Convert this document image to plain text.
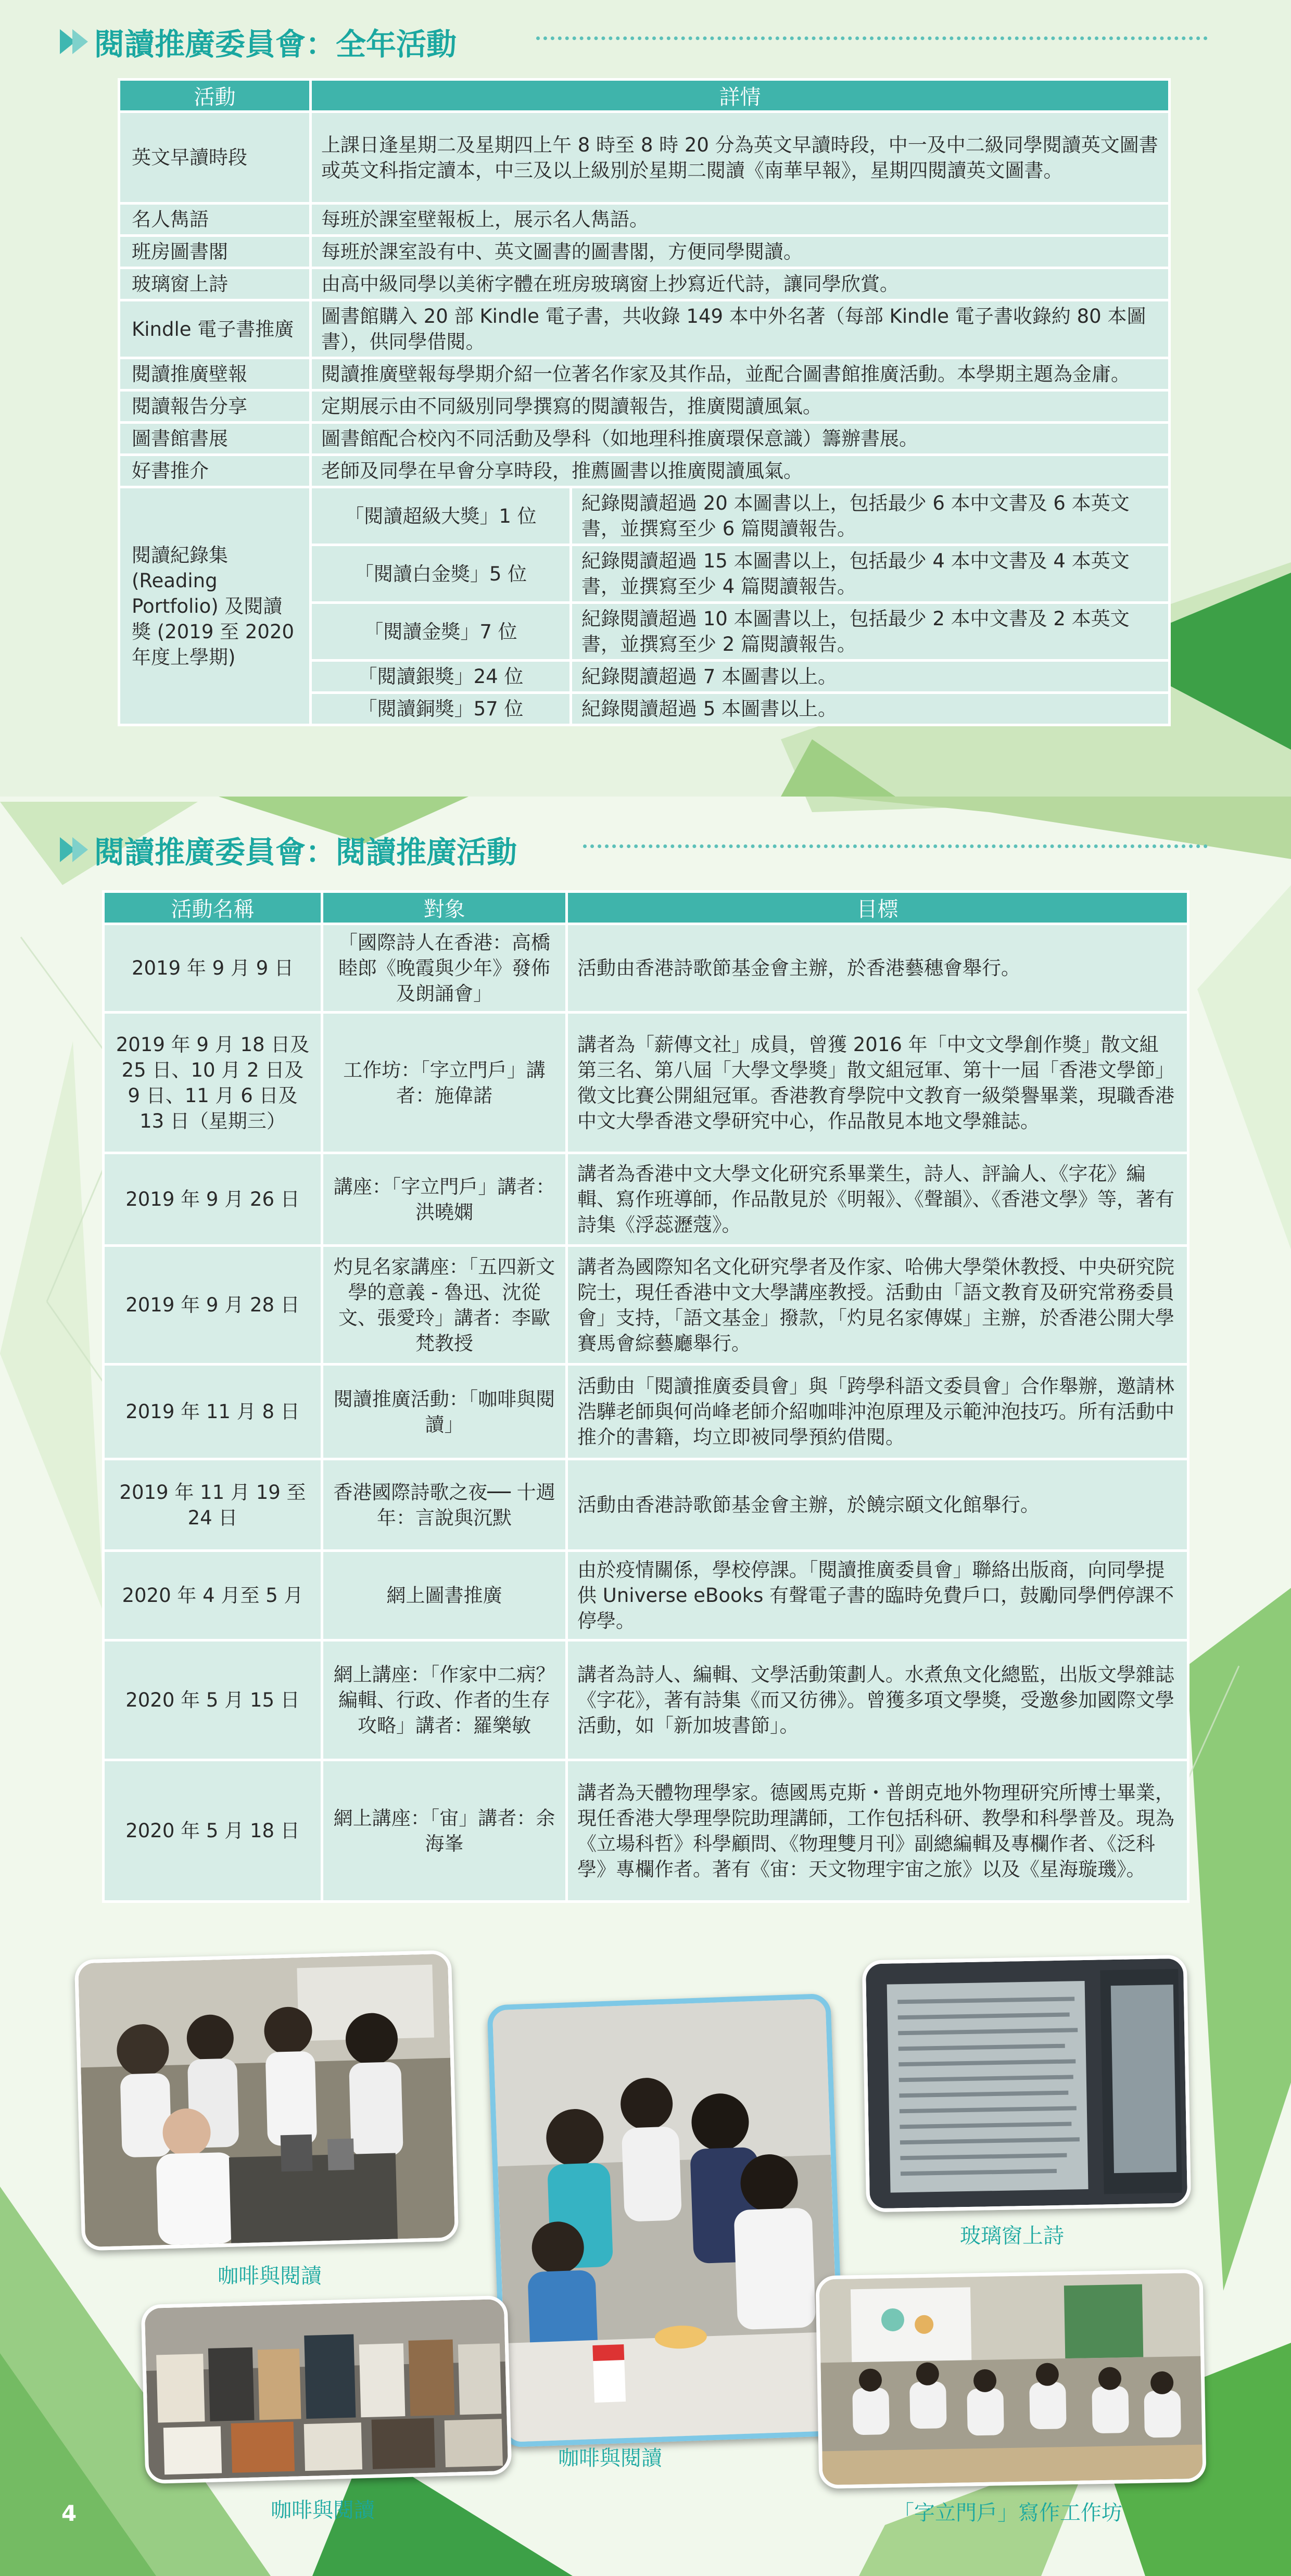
閱讀推廣委員會：全年活動
活動	詳情	
英文早讀時段	上課日逢星期二及星期四上午 8 時至 8 時 20 分為英文早讀時段，中一及中二級同學閱讀英文圖書或英文科指定讀本，中三及以上級別於星期二閱讀《南華早報》，星期四閱讀英文圖書。	
名人雋語	每班於課室壁報板上，展示名人雋語。	
班房圖書閣	每班於課室設有中、英文圖書的圖書閣，方便同學閱讀。	
玻璃窗上詩	由高中級同學以美術字體在班房玻璃窗上抄寫近代詩，讓同學欣賞。	
Kindle 電子書推廣	圖書館購入 20 部 Kindle 電子書，共收錄 149 本中外名著（每部 Kindle 電子書收錄約 80 本圖書），供同學借閱。	
閱讀推廣壁報	閱讀推廣壁報每學期介紹一位著名作家及其作品，並配合圖書館推廣活動。本學期主題為金庸。	
閱讀報告分享	定期展示由不同級別同學撰寫的閱讀報告，推廣閱讀風氣。	
圖書館書展	圖書館配合校內不同活動及學科（如地理科推廣環保意識）籌辦書展。	
好書推介	老師及同學在早會分享時段，推薦圖書以推廣閱讀風氣。	
閱讀紀錄集 (Reading Portfolio) 及閱讀獎 (2019 至 2020 年度上學期)	「閱讀超級大獎」1 位	紀錄閱讀超過 20 本圖書以上，包括最少 6 本中文書及 6 本英文書，並撰寫至少 6 篇閱讀報告。
	「閱讀白金獎」5 位	紀錄閱讀超過 15 本圖書以上，包括最少 4 本中文書及 4 本英文書，並撰寫至少 4 篇閱讀報告。
	「閱讀金獎」7 位	紀錄閱讀超過 10 本圖書以上，包括最少 2 本中文書及 2 本英文書，並撰寫至少 2 篇閱讀報告。
	「閱讀銀獎」24 位	紀錄閱讀超過 7 本圖書以上。
	「閱讀銅獎」57 位	紀錄閱讀超過 5 本圖書以上。
閱讀推廣委員會：閱讀推廣活動
活動名稱	對象	目標
2019 年 9 月 9 日	「國際詩人在香港：高橋睦郎《晚霞與少年》發佈及朗誦會」	活動由香港詩歌節基金會主辦，於香港藝穗會舉行。
2019 年 9 月 18 日及 25 日、10 月 2 日及 9 日、11 月 6 日及 13 日（星期三）	工作坊：「字立門戶」講者：施偉諾	講者為「薪傳文社」成員，曾獲 2016 年「中文文學創作獎」散文組第三名、第八屆「大學文學獎」散文組冠軍、第十一屆「香港文學節」徵文比賽公開組冠軍。香港教育學院中文教育一級榮譽畢業，現職香港中文大學香港文學研究中心，作品散見本地文學雜誌。
2019 年 9 月 26 日	講座：「字立門戶」講者：洪曉嫻	講者為香港中文大學文化研究系畢業生，詩人、評論人、《字花》編輯、寫作班導師，作品散見於《明報》、《聲韻》、《香港文學》等，著有詩集《浮蕊瀝蔻》。
2019 年 9 月 28 日	灼見名家講座：「五四新文學的意義 - 魯迅、沈從文、張愛玲」講者：李歐梵教授	講者為國際知名文化研究學者及作家、哈佛大學榮休教授、中央研究院院士，現任香港中文大學講座教授。活動由「語文教育及研究常務委員會」支持，「語文基金」撥款，「灼見名家傳媒」主辦，於香港公開大學賽馬會綜藝廳舉行。
2019 年 11 月 8 日	閱讀推廣活動：「咖啡與閱讀」	活動由「閱讀推廣委員會」與「跨學科語文委員會」合作舉辦，邀請林浩驊老師與何尚峰老師介紹咖啡沖泡原理及示範沖泡技巧。所有活動中推介的書籍，均立即被同學預約借閱。
2019 年 11 月 19 至 24 日	香港國際詩歌之夜── 十週年：言說與沉默	活動由香港詩歌節基金會主辦，於饒宗頤文化館舉行。
2020 年 4 月至 5 月	網上圖書推廣	由於疫情關係，學校停課。「閱讀推廣委員會」聯絡出版商，向同學提供 Universe eBooks 有聲電子書的臨時免費戶口，鼓勵同學們停課不停學。
2020 年 5 月 15 日	網上講座：「作家中二病？編輯、行政、作者的生存攻略」講者：羅樂敏	講者為詩人、編輯、文學活動策劃人。水煮魚文化總監，出版文學雜誌《字花》，著有詩集《而又彷彿》。曾獲多項文學獎，受邀參加國際文學活動，如「新加坡書節」。
2020 年 5 月 18 日	網上講座：「宙」講者：余海峯	講者為天體物理學家。德國馬克斯・普朗克地外物理研究所博士畢業，現任香港大學理學院助理講師，工作包括科研、教學和科學普及。現為《立場科哲》科學顧問、《物理雙月刊》副總編輯及專欄作者、《泛科學》專欄作者。著有《宙：天文物理宇宙之旅》以及《星海璇璣》。
咖啡與閱讀
咖啡與閱讀
玻璃窗上詩
咖啡與閱讀	「字立門戶」寫作工作坊
4
